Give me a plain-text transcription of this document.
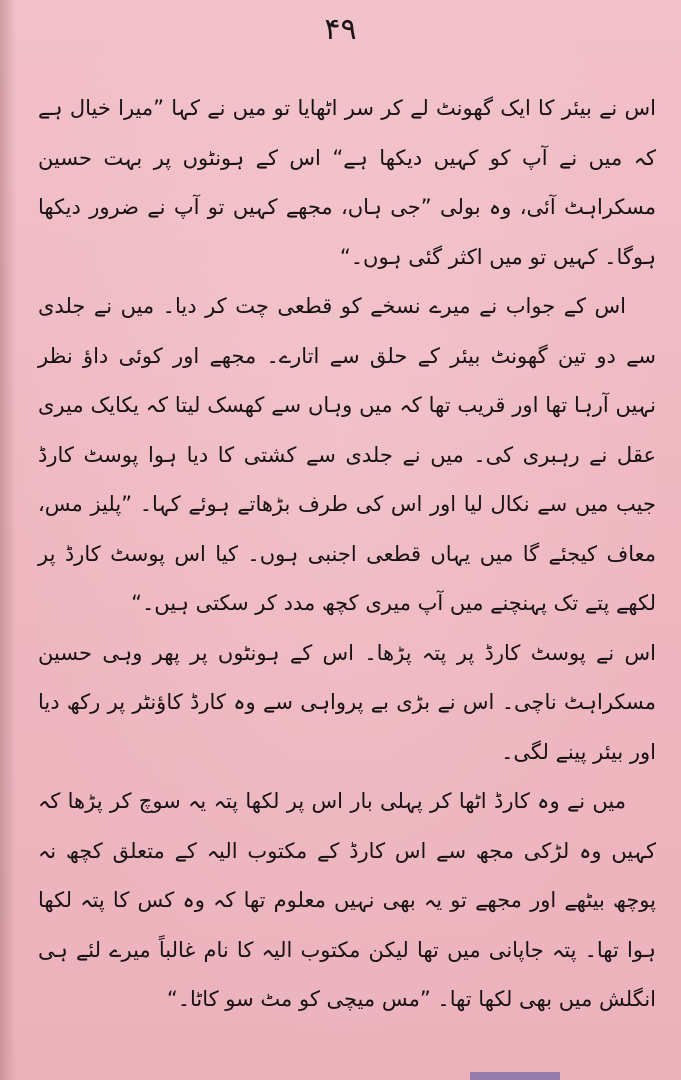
۴۹

اس نے بیئر کا ایک گھونٹ لے کر سر اٹھایا تو میں نے کہا ”میرا خیال ہے کہ میں نے آپ کو کہیں دیکھا ہے“ اس کے ہونٹوں پر بہت حسین مسکراہٹ آئی، وہ بولی ”جی ہاں، مجھے کہیں تو آپ نے ضرور دیکھا ہوگا۔ کہیں تو میں اکثر گئی ہوں۔“

اس کے جواب نے میرے نسخے کو قطعی چت کر دیا۔ میں نے جلدی سے دو تین گھونٹ بیئر کے حلق سے اتارے۔ مجھے اور کوئی داؤ نظر نہیں آرہا تھا اور قریب تھا کہ میں وہاں سے کھسک لیتا کہ یکایک میری عقل نے رہبری کی۔ میں نے جلدی سے کشتی کا دیا ہوا پوسٹ کارڈ جیب میں سے نکال لیا اور اس کی طرف بڑھاتے ہوئے کہا۔ ”پلیز مس، معاف کیجئے گا میں یہاں قطعی اجنبی ہوں۔ کیا اس پوسٹ کارڈ پر لکھے پتے تک پہنچنے میں آپ میری کچھ مدد کر سکتی ہیں۔“

اس نے پوسٹ کارڈ پر پتہ پڑھا۔ اس کے ہونٹوں پر پھر وہی حسین مسکراہٹ ناچی۔ اس نے بڑی بے پرواہی سے وہ کارڈ کاؤنٹر پر رکھ دیا اور بیئر پینے لگی۔

میں نے وہ کارڈ اٹھا کر پہلی بار اس پر لکھا پتہ یہ سوچ کر پڑھا کہ کہیں وہ لڑکی مجھ سے اس کارڈ کے مکتوب الیہ کے متعلق کچھ نہ پوچھ بیٹھے اور مجھے تو یہ بھی نہیں معلوم تھا کہ وہ کس کا پتہ لکھا ہوا تھا۔ پتہ جاپانی میں تھا لیکن مکتوب الیہ کا نام غالباً میرے لئے ہی انگلش میں بھی لکھا تھا۔ ”مس میچی کو مٹ سو کاٹا۔“
